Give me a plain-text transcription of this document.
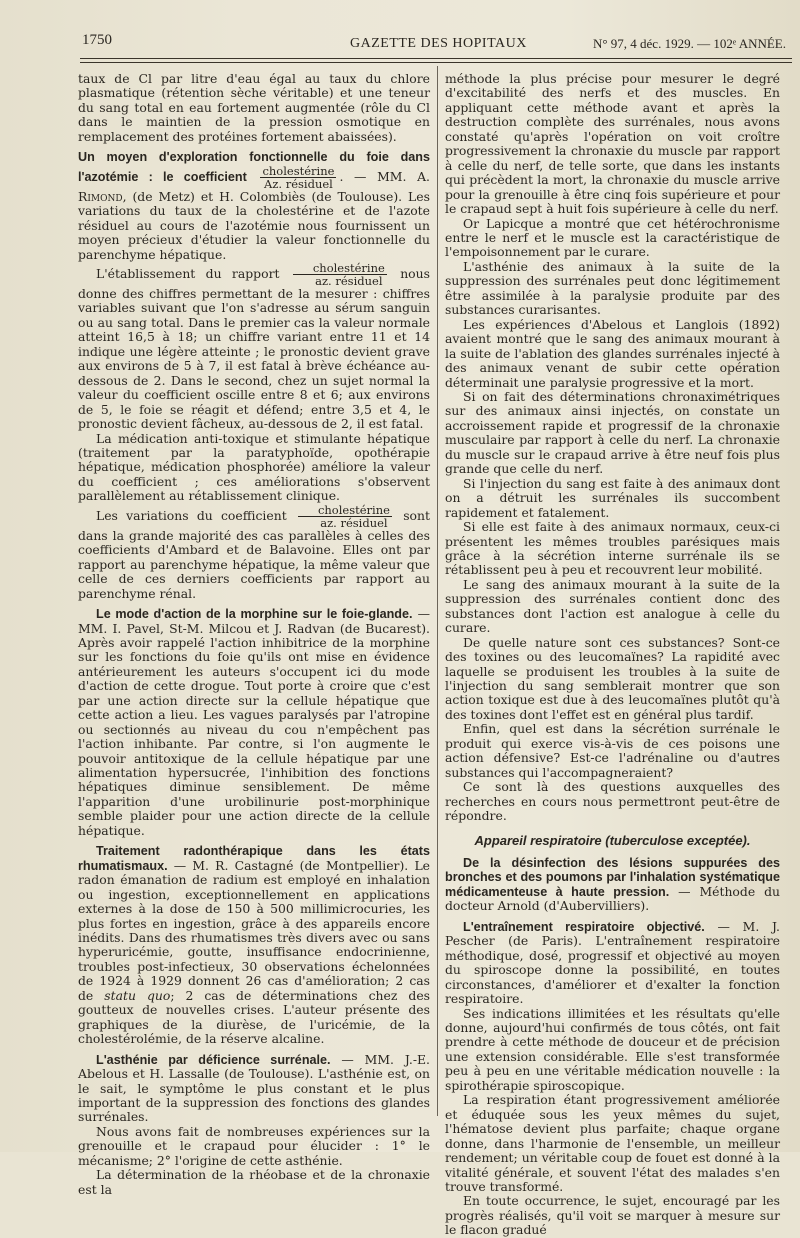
1750	GAZETTE DES HOPITAUX	N° 97, 4 déc. 1929. — 102ᵉ ANNÉE.

taux de Cl par litre d'eau égal au taux du chlore plasmatique (rétention sèche véritable) et une teneur du sang total en eau fortement augmentée (rôle du Cl dans le maintien de la pression osmotique en remplacement des protéines fortement abaissées).

Un moyen d'exploration fonctionnelle du foie dans l'azotémie : le coefficient $\frac{\text{cholestérine}}{\text{Az. résiduel}}$ . — MM. A. Rimond, (de Metz) et H. Colombiès (de Toulouse). Les variations du taux de la cholestérine et de l'azote résiduel au cours de l'azotémie nous fournissent un moyen précieux d'étudier la valeur fonctionnelle du parenchyme hépatique.

L'établissement du rapport $\frac{\text{cholestérine}}{\text{az. résiduel}}$ nous donne des chiffres permettant de la mesurer : chiffres variables suivant que l'on s'adresse au sérum sanguin ou au sang total. Dans le premier cas la valeur normale atteint 16,5 à 18; un chiffre variant entre 11 et 14 indique une légère atteinte ; le pronostic devient grave aux environs de 5 à 7, il est fatal à brève échéance au-dessous de 2. Dans le second, chez un sujet normal la valeur du coefficient oscille entre 8 et 6; aux environs de 5, le foie se réagit et défend; entre 3,5 et 4, le pronostic devient fâcheux, au-dessous de 2, il est fatal.

La médication anti-toxique et stimulante hépatique (traitement par la paratyphoïde, opothérapie hépatique, médication phosphorée) améliore la valeur du coefficient ; ces améliorations s'observent parallèlement au rétablissement clinique.

Les variations du coefficient $\frac{\text{cholestérine}}{\text{az. résiduel}}$ sont dans la grande majorité des cas parallèles à celles des coefficients d'Ambard et de Balavoine. Elles ont par rapport au parenchyme hépatique, la même valeur que celle de ces derniers coefficients par rapport au parenchyme rénal.

Le mode d'action de la morphine sur le foie-glande. — MM. I. Pavel, St-M. Milcou et J. Radvan (de Bucarest). Après avoir rappelé l'action inhibitrice de la morphine sur les fonctions du foie qu'ils ont mise en évidence antérieurement les auteurs s'occupent ici du mode d'action de cette drogue. Tout porte à croire que c'est par une action directe sur la cellule hépatique que cette action a lieu. Les vagues paralysés par l'atropine ou sectionnés au niveau du cou n'empêchent pas l'action inhibante. Par contre, si l'on augmente le pouvoir antitoxique de la cellule hépatique par une alimentation hypersucrée, l'inhibition des fonctions hépatiques diminue sensiblement. De même l'apparition d'une urobilinurie post-morphinique semble plaider pour une action directe de la cellule hépatique.

Traitement radonthérapique dans les états rhumatismaux. — M. R. Castagné (de Montpellier). Le radon émanation de radium est employé en inhalation ou ingestion, exceptionnellement en applications externes à la dose de 150 à 500 millimicrocuries, les plus fortes en ingestion, grâce à des appareils encore inédits. Dans des rhumatismes très divers avec ou sans hyperuricémie, goutte, insuffisance endocrinienne, troubles post-infectieux, 30 observations échelonnées de 1924 à 1929 donnent 26 cas d'amélioration; 2 cas de statu quo; 2 cas de déterminations chez des goutteux de nouvelles crises. L'auteur présente des graphiques de la diurèse, de l'uricémie, de la cholestérolémie, de la réserve alcaline.

L'asthénie par déficience surrénale. — MM. J.-E. Abelous et H. Lassalle (de Toulouse). L'asthénie est, on le sait, le symptôme le plus constant et le plus important de la suppression des fonctions des glandes surrénales.

Nous avons fait de nombreuses expériences sur la grenouille et le crapaud pour élucider : 1° le mécanisme; 2° l'origine de cette asthénie.

La détermination de la rhéobase et de la chronaxie est la

méthode la plus précise pour mesurer le degré d'excitabilité des nerfs et des muscles. En appliquant cette méthode avant et après la destruction complète des surrénales, nous avons constaté qu'après l'opération on voit croître progressivement la chronaxie du muscle par rapport à celle du nerf, de telle sorte, que dans les instants qui précèdent la mort, la chronaxie du muscle arrive pour la grenouille à être cinq fois supérieure et pour le crapaud sept à huit fois supérieure à celle du nerf.

Or Lapicque a montré que cet hétérochronisme entre le nerf et le muscle est la caractéristique de l'empoisonnement par le curare.

L'asthénie des animaux à la suite de la suppression des surrénales peut donc légitimement être assimilée à la paralysie produite par des substances curarisantes.

Les expériences d'Abelous et Langlois (1892) avaient montré que le sang des animaux mourant à la suite de l'ablation des glandes surrénales injecté à des animaux venant de subir cette opération déterminait une paralysie progressive et la mort.

Si on fait des déterminations chronaximétriques sur des animaux ainsi injectés, on constate un accroissement rapide et progressif de la chronaxie musculaire par rapport à celle du nerf. La chronaxie du muscle sur le crapaud arrive à être neuf fois plus grande que celle du nerf.

Si l'injection du sang est faite à des animaux dont on a détruit les surrénales ils succombent rapidement et fatalement.

Si elle est faite à des animaux normaux, ceux-ci présentent les mêmes troubles parésiques mais grâce à la sécrétion interne surrénale ils se rétablissent peu à peu et recouvrent leur mobilité.

Le sang des animaux mourant à la suite de la suppression des surrénales contient donc des substances dont l'action est analogue à celle du curare.

De quelle nature sont ces substances? Sont-ce des toxines ou des leucomaïnes? La rapidité avec laquelle se produisent les troubles à la suite de l'injection du sang semblerait montrer que son action toxique est due à des leucomaïnes plutôt qu'à des toxines dont l'effet est en général plus tardif.

Enfin, quel est dans la sécrétion surrénale le produit qui exerce vis-à-vis de ces poisons une action défensive? Est-ce l'adrénaline ou d'autres substances qui l'accompagneraient?

Ce sont là des questions auxquelles des recherches en cours nous permettront peut-être de répondre.

Appareil respiratoire (tuberculose exceptée).

De la désinfection des lésions suppurées des bronches et des poumons par l'inhalation systématique médicamenteuse à haute pression. — Méthode du docteur Arnold (d'Aubervilliers).

L'entraînement respiratoire objectivé. — M. J. Pescher (de Paris). L'entraînement respiratoire méthodique, dosé, progressif et objectivé au moyen du spiroscope donne la possibilité, en toutes circonstances, d'améliorer et d'exalter la fonction respiratoire.

Ses indications illimitées et les résultats qu'elle donne, aujourd'hui confirmés de tous côtés, ont fait prendre à cette méthode de douceur et de précision une extension considérable. Elle s'est transformée peu à peu en une véritable médication nouvelle : la spirothérapie spiroscopique.

La respiration étant progressivement améliorée et éduquée sous les yeux mêmes du sujet, l'hématose devient plus parfaite; chaque organe donne, dans l'harmonie de l'ensemble, un meilleur rendement; un véritable coup de fouet est donné à la vitalité générale, et souvent l'état des malades s'en trouve transformé.

En toute occurrence, le sujet, encouragé par les progrès réalisés, qu'il voit se marquer à mesure sur le flacon gradué
